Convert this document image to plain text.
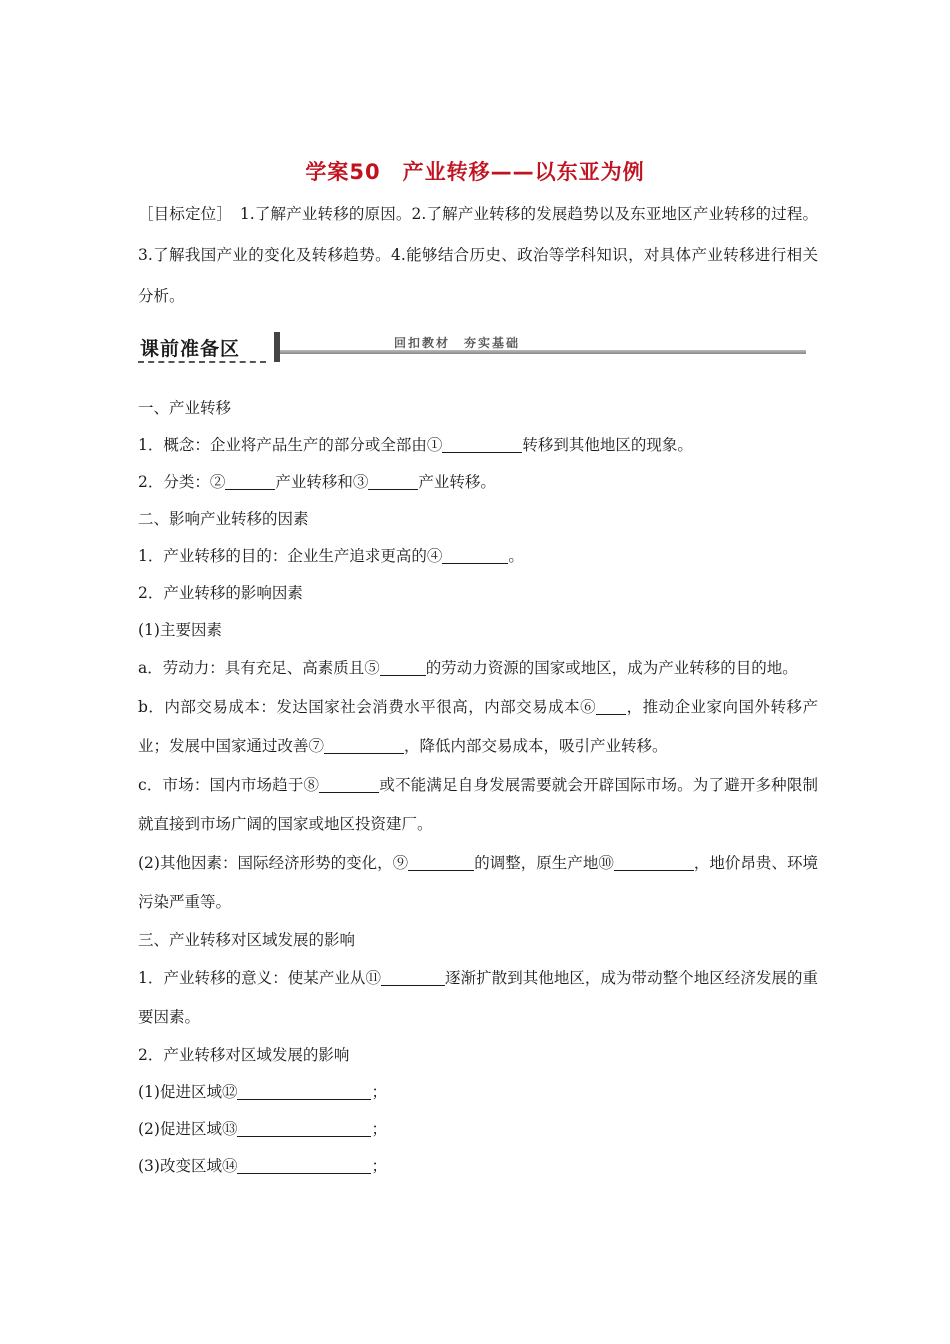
学案50　产业转移——以东亚为例
［目标定位］　1.了解产业转移的原因。2.了解产业转移的发展趋势以及东亚地区产业转移的过程。3.了解我国产业的变化及转移趋势。4.能够结合历史、政治等学科知识，对具体产业转移进行相关分析。
课前准备区	回扣教材　夯实基础
一、产业转移
1．概念：企业将产品生产的部分或全部由①	转移到其他地区的现象。
2．分类：②	产业转移和③	产业转移。
二、影响产业转移的因素
1．产业转移的目的：企业生产追求更高的④	。
2．产业转移的影响因素
(1)主要因素
a．劳动力：具有充足、高素质且⑤	的劳动力资源的国家或地区，成为产业转移的目的地。
b．内部交易成本：发达国家社会消费水平很高，内部交易成本⑥ ，推动企业家向国外转移产业；发展中国家通过改善⑦	，降低内部交易成本，吸引产业转移。
c．市场：国内市场趋于⑧	或不能满足自身发展需要就会开辟国际市场。为了避开多种限制就直接到市场广阔的国家或地区投资建厂。
(2)其他因素：国际经济形势的变化，⑨	的调整，原生产地⑩	，地价昂贵、环境污染严重等。
三、产业转移对区域发展的影响
1．产业转移的意义：使某产业从⑪	逐渐扩散到其他地区，成为带动整个地区经济发展的重要因素。
2．产业转移对区域发展的影响
(1)促进区域⑫	；
(2)促进区域⑬	；
(3)改变区域⑭	；
